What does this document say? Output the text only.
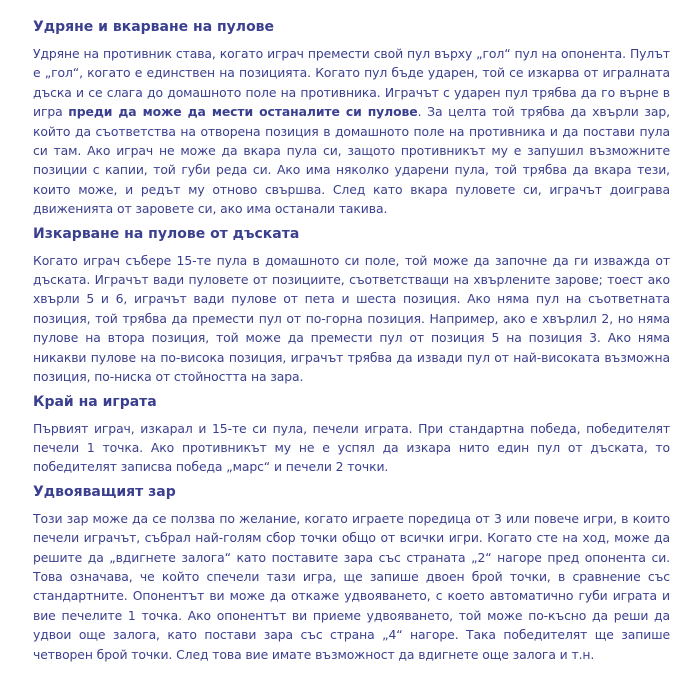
Удряне и вкарване на пулове

Удряне на противник става, когато играч премести свой пул върху „гол“ пул на опонента. Пулът е „гол“, когато е единствен на позицията. Когато пул бъде ударен, той се изкарва от игралната дъска и се слага до домашното поле на противника. Играчът с ударен пул трябва да го върне в игра преди да може да мести останалите си пулове. За целта той трябва да хвърли зар, който да съответства на отворена позиция в домашното поле на противника и да постави пула си там. Ако играч не може да вкара пула си, защото противникът му е запушил възможните позиции с капии, той губи реда си. Ако има няколко ударени пула, той трябва да вкара тези, които може, и редът му отново свършва. След като вкара пуловете си, играчът доиграва движенията от заровете си, ако има останали такива.

Изкарване на пулове от дъската

Когато играч събере 15-те пула в домашното си поле, той може да започне да ги изважда от дъската. Играчът вади пуловете от позициите, съответстващи на хвърлените зарове; тоест ако хвърли 5 и 6, играчът вади пулове от пета и шеста позиция. Ако няма пул на съответната позиция, той трябва да премести пул от по-горна позиция. Например, ако е хвърлил 2, но няма пулове на втора позиция, той може да премести пул от позиция 5 на позиция 3. Ако няма никакви пулове на по-висока позиция, играчът трябва да извади пул от най-високата възможна позиция, по-ниска от стойността на зара.

Край на играта

Първият играч, изкарал и 15-те си пула, печели играта. При стандартна победа, победителят печели 1 точка. Ако противникът му не е успял да изкара нито един пул от дъската, то победителят записва победа „марс“ и печели 2 точки.

Удвояващият зар

Този зар може да се ползва по желание, когато играете поредица от 3 или повече игри, в които печели играчът, събрал най-голям сбор точки общо от всички игри. Когато сте на ход, може да решите да „вдигнете залога“ като поставите зара със страната „2“ нагоре пред опонента си. Това означава, че който спечели тази игра, ще запише двоен брой точки, в сравнение със стандартните. Опонентът ви може да откаже удвояването, с което автоматично губи играта и вие печелите 1 точка. Ако опонентът ви приеме удвояването, той може по-късно да реши да удвои още залога, като постави зара със страна „4“ нагоре. Така победителят ще запише четворен брой точки. След това вие имате възможност да вдигнете още залога и т.н.
